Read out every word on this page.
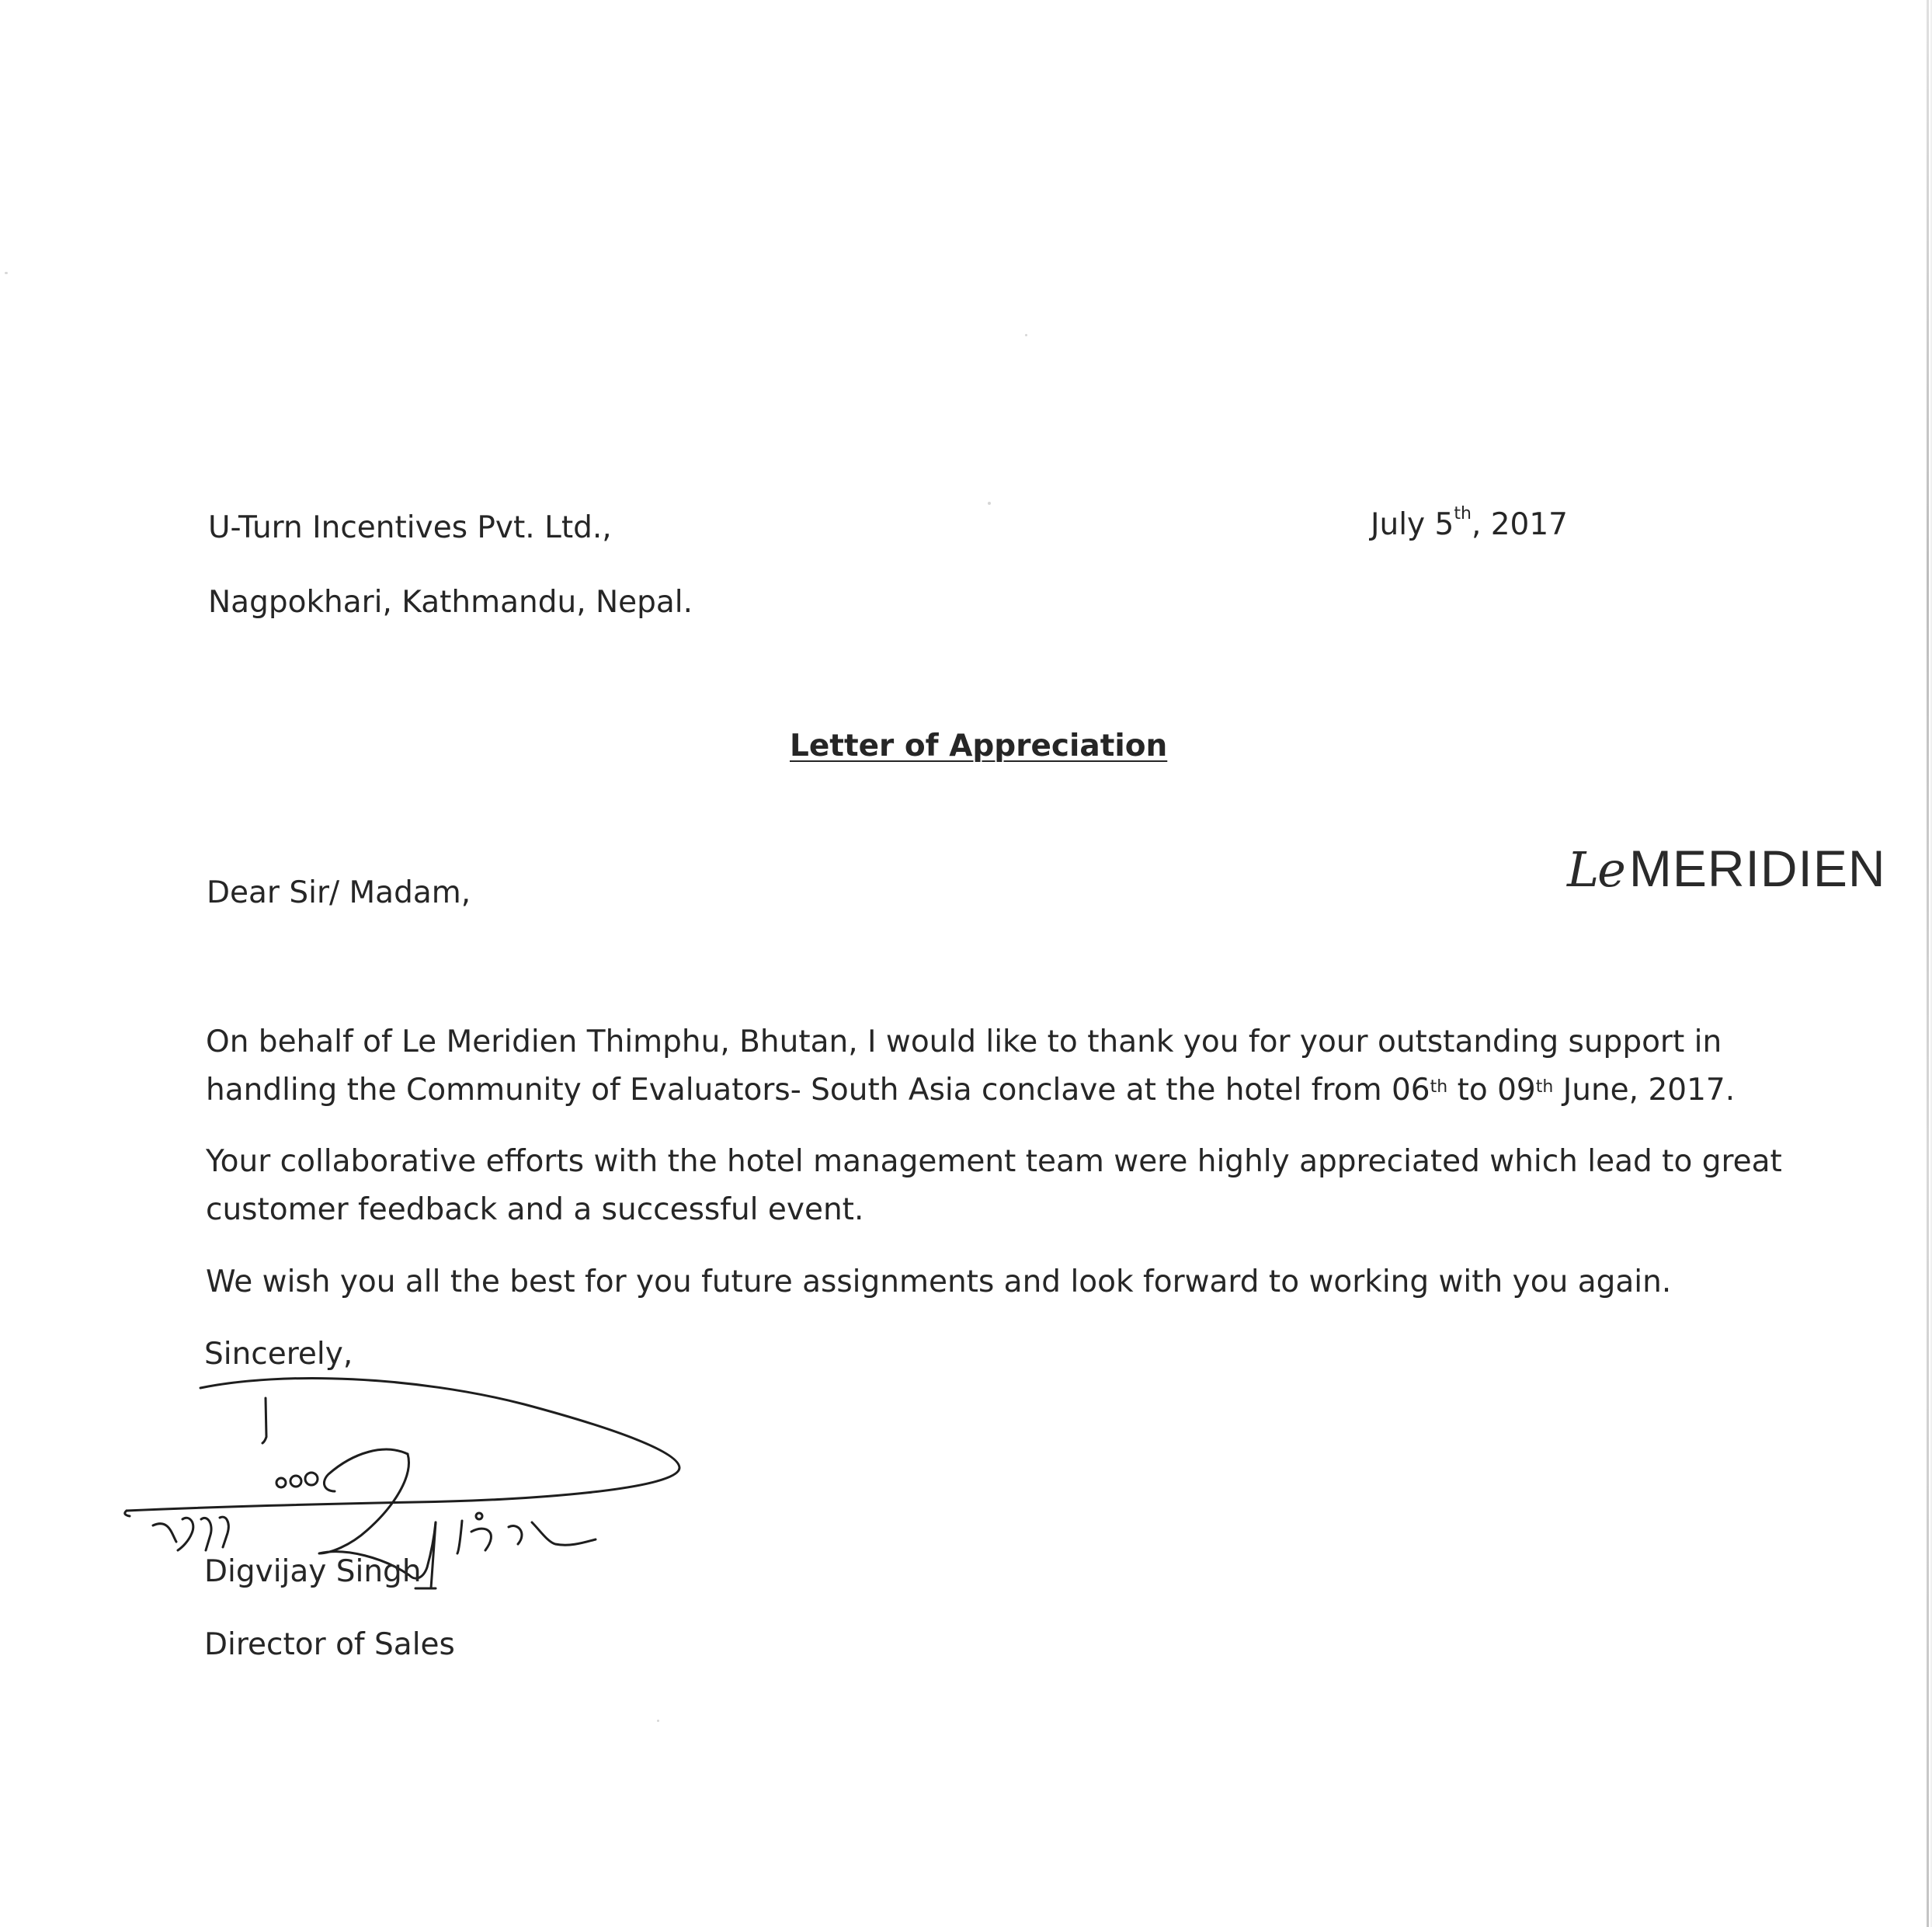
U-Turn Incentives Pvt. Ltd.,
Nagpokhari, Kathmandu, Nepal.
July 5th, 2017
Letter of Appreciation
Le MERIDIEN
Dear Sir/ Madam,

On behalf of Le Meridien Thimphu, Bhutan, I would like to thank you for your outstanding support in

handling the Community of Evaluators- South Asia conclave at the hotel from 06th to 09th June, 2017.

Your collaborative efforts with the hotel management team were highly appreciated which lead to great

customer feedback and a successful event.

We wish you all the best for you future assignments and look forward to working with you again.

Sincerely,
Digvijay Singh
Director of Sales
